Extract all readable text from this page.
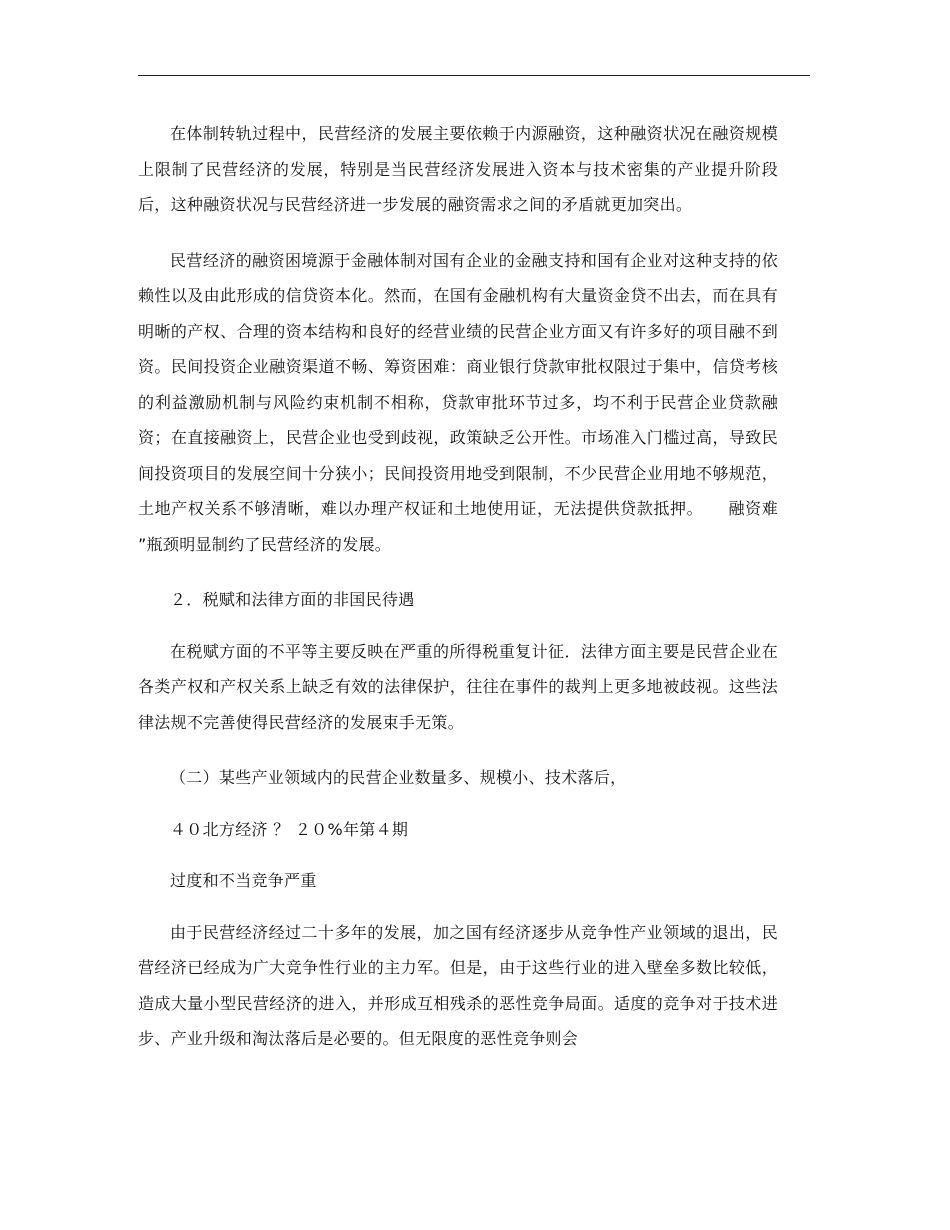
在体制转轨过程中，民营经济的发展主要依赖于内源融资，这种融资状况在融资规模上限制了民营经济的发展，特别是当民营经济发展进入资本与技术密集的产业提升阶段后，这种融资状况与民营经济进一步发展的融资需求之间的矛盾就更加突出。

民营经济的融资困境源于金融体制对国有企业的金融支持和国有企业对这种支持的依赖性以及由此形成的信贷资本化。然而，在国有金融机构有大量资金贷不出去，而在具有明晰的产权、合理的资本结构和良好的经营业绩的民营企业方面又有许多好的项目融不到资。民间投资企业融资渠道不畅、筹资困难：商业银行贷款审批权限过于集中，信贷考核的利益激励机制与风险约束机制不相称，贷款审批环节过多，均不利于民营企业贷款融资；在直接融资上，民营企业也受到歧视，政策缺乏公开性。市场准入门槛过高，导致民间投资项目的发展空间十分狭小；民间投资用地受到限制，不少民营企业用地不够规范，土地产权关系不够清晰，难以办理产权证和土地使用证，无法提供贷款抵押。　　融资难 ”瓶颈明显制约了民营经济的发展。

２．税赋和法律方面的非国民待遇

在税赋方面的不平等主要反映在严重的所得税重复计征．法律方面主要是民营企业在各类产权和产权关系上缺乏有效的法律保护，往往在事件的裁判上更多地被歧视。这些法律法规不完善使得民营经济的发展束手无策。

（二）某些产业领域内的民营企业数量多、规模小、技术落后，

４０北方经济 ？ ２０%年第４期

过度和不当竞争严重

由于民营经济经过二十多年的发展，加之国有经济逐步从竞争性产业领域的退出，民营经济已经成为广大竞争性行业的主力军。但是，由于这些行业的进入壁垒多数比较低，造成大量小型民营经济的进入，并形成互相残杀的恶性竞争局面。适度的竞争对于技术进步、产业升级和淘汰落后是必要的。但无限度的恶性竞争则会
